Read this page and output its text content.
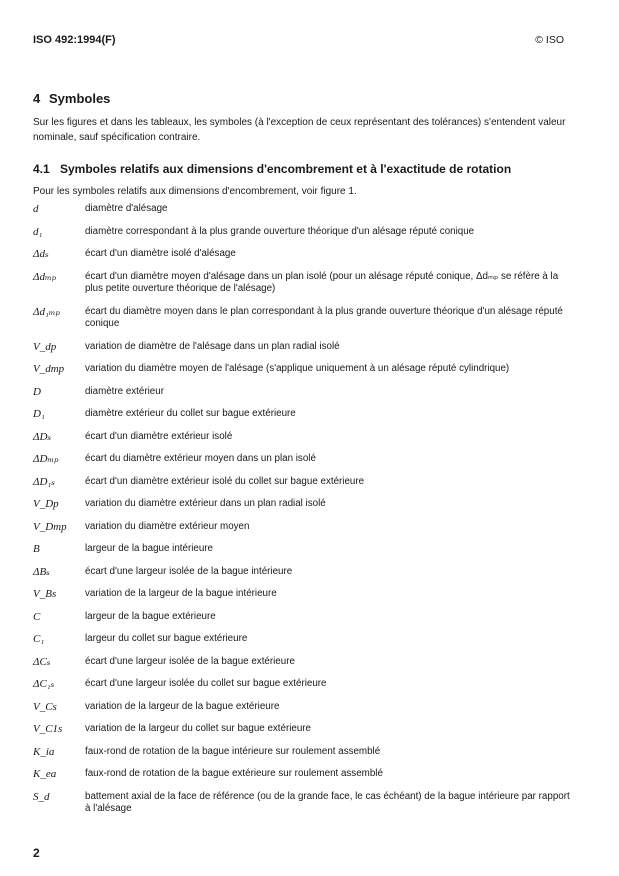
ISO 492:1994(F)	© ISO
4 Symboles
Sur les figures et dans les tableaux, les symboles (à l'exception de ceux représentant des tolérances) s'entendent valeur nominale, sauf spécification contraire.
4.1 Symboles relatifs aux dimensions d'encombrement et à l'exactitude de rotation
Pour les symboles relatifs aux dimensions d'encombrement, voir figure 1.
d	diamètre d'alésage
d₁	diamètre correspondant à la plus grande ouverture théorique d'un alésage réputé conique
Δdₛ	écart d'un diamètre isolé d'alésage
Δdₘₚ	écart d'un diamètre moyen d'alésage dans un plan isolé (pour un alésage réputé conique, Δdₘₚ se réfère à la plus petite ouverture théorique de l'alésage)
Δd₁ₘₚ	écart du diamètre moyen dans le plan correspondant à la plus grande ouverture théorique d'un alésage réputé conique
V_dp	variation de diamètre de l'alésage dans un plan radial isolé
V_dmp	variation du diamètre moyen de l'alésage (s'applique uniquement à un alésage réputé cylindrique)
D	diamètre extérieur
D₁	diamètre extérieur du collet sur bague extérieure
ΔDₛ	écart d'un diamètre extérieur isolé
ΔDₘₚ	écart du diamètre extérieur moyen dans un plan isolé
ΔD₁ₛ	écart d'un diamètre extérieur isolé du collet sur bague extérieure
V_Dp	variation du diamètre extérieur dans un plan radial isolé
V_Dmp	variation du diamètre extérieur moyen
B	largeur de la bague intérieure
ΔBₛ	écart d'une largeur isolée de la bague intérieure
V_Bs	variation de la largeur de la bague intérieure
C	largeur de la bague extérieure
C₁	largeur du collet sur bague extérieure
ΔCₛ	écart d'une largeur isolée de la bague extérieure
ΔC₁ₛ	écart d'une largeur isolée du collet sur bague extérieure
V_Cs	variation de la largeur de la bague extérieure
V_C1s	variation de la largeur du collet sur bague extérieure
K_ia	faux-rond de rotation de la bague intérieure sur roulement assemblé
K_ea	faux-rond de rotation de la bague extérieure sur roulement assemblé
S_d	battement axial de la face de référence (ou de la grande face, le cas échéant) de la bague intérieure par rapport à l'alésage
2
